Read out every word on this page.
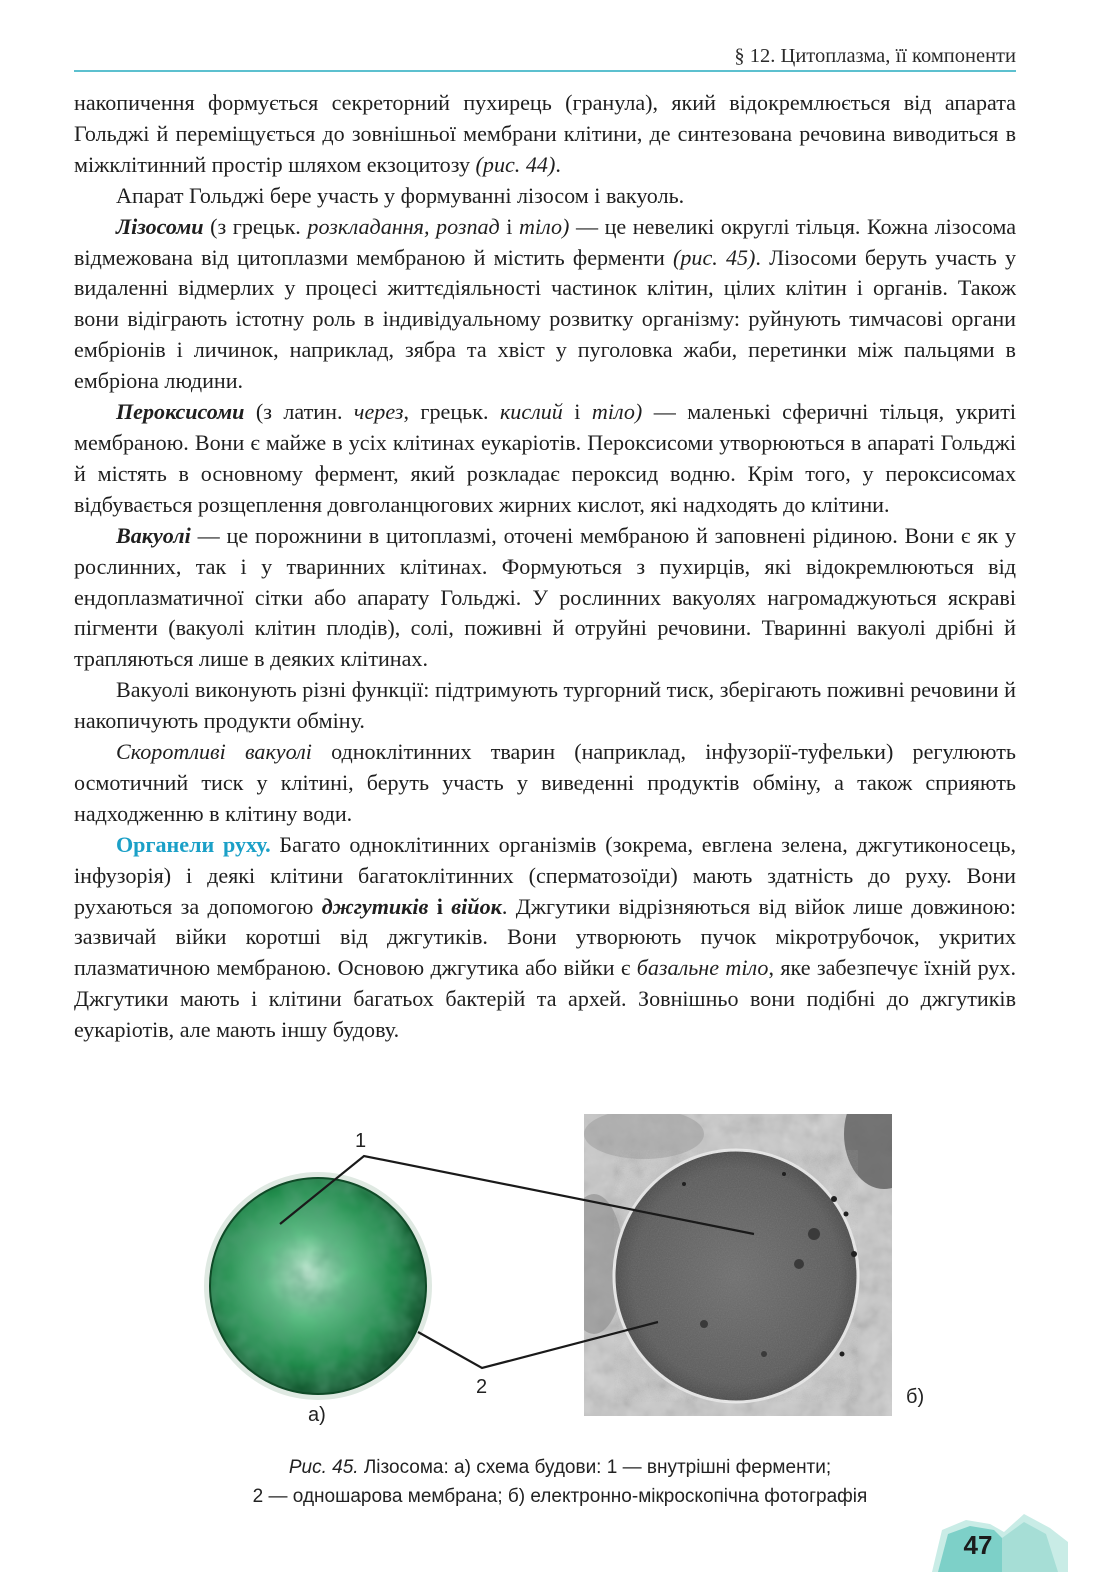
§ 12. Цитоплазма, її компоненти

накопичення формується секреторний пухирець (гранула), який відокремлюється від апарата Гольджі й переміщується до зовнішньої мембрани клітини, де синтезована речовина виводиться в міжклітинний простір шляхом екзоцитозу (рис. 44).

Апарат Гольджі бере участь у формуванні лізосом і вакуоль.

Лізосоми (з грецьк. розкладання, розпад і тіло) — це невеликі округлі тільця. Кожна лізосома відмежована від цитоплазми мембраною й містить ферменти (рис. 45). Лізосоми беруть участь у видаленні відмерлих у процесі життєдіяльності частинок клітин, цілих клітин і органів. Також вони відіграють істотну роль в індивідуальному розвитку організму: руйнують тимчасові органи ембріонів і личинок, наприклад, зябра та хвіст у пуголовка жаби, перетинки між пальцями в ембріона людини.

Пероксисоми (з латин. через, грецьк. кислий і тіло) — маленькі сферичні тільця, укриті мембраною. Вони є майже в усіх клітинах еукаріотів. Пероксисоми утворюються в апараті Гольджі й містять в основному фермент, який розкладає пероксид водню. Крім того, у пероксисомах відбувається розщеплення довголанцюгових жирних кислот, які надходять до клітини.

Вакуолі — це порожнини в цитоплазмі, оточені мембраною й заповнені рідиною. Вони є як у рослинних, так і у тваринних клітинах. Формуються з пухирців, які відокремлюються від ендоплазматичної сітки або апарату Гольджі. У рослинних вакуолях нагромаджуються яскраві пігменти (вакуолі клітин плодів), солі, поживні й отруйні речовини. Тваринні вакуолі дрібні й трапляються лише в деяких клітинах.

Вакуолі виконують різні функції: підтримують тургорний тиск, зберігають поживні речовини й накопичують продукти обміну.

Скоротливі вакуолі одноклітинних тварин (наприклад, інфузорії-туфельки) регулюють осмотичний тиск у клітині, беруть участь у виведенні продуктів обміну, а також сприяють надходженню в клітину води.

Органели руху. Багато одноклітинних організмів (зокрема, евглена зелена, джгутиконосець, інфузорія) і деякі клітини багатоклітинних (сперматозоїди) мають здатність до руху. Вони рухаються за допомогою джгутиків і війок. Джгутики відрізняються від війок лише довжиною: зазвичай війки коротші від джгутиків. Вони утворюють пучок мікротрубочок, укритих плазматичною мембраною. Основою джгутика або війки є базальне тіло, яке забезпечує їхній рух. Джгутики мають і клітини багатьох бактерій та архей. Зовнішньо вони подібні до джгутиків еукаріотів, але мають іншу будову.

1
2
а)
б)
Рис. 45. Лізосома: а) схема будови: 1 — внутрішні ферменти;
2 — одношарова мембрана; б) електронно-мікроскопічна фотографія
47
